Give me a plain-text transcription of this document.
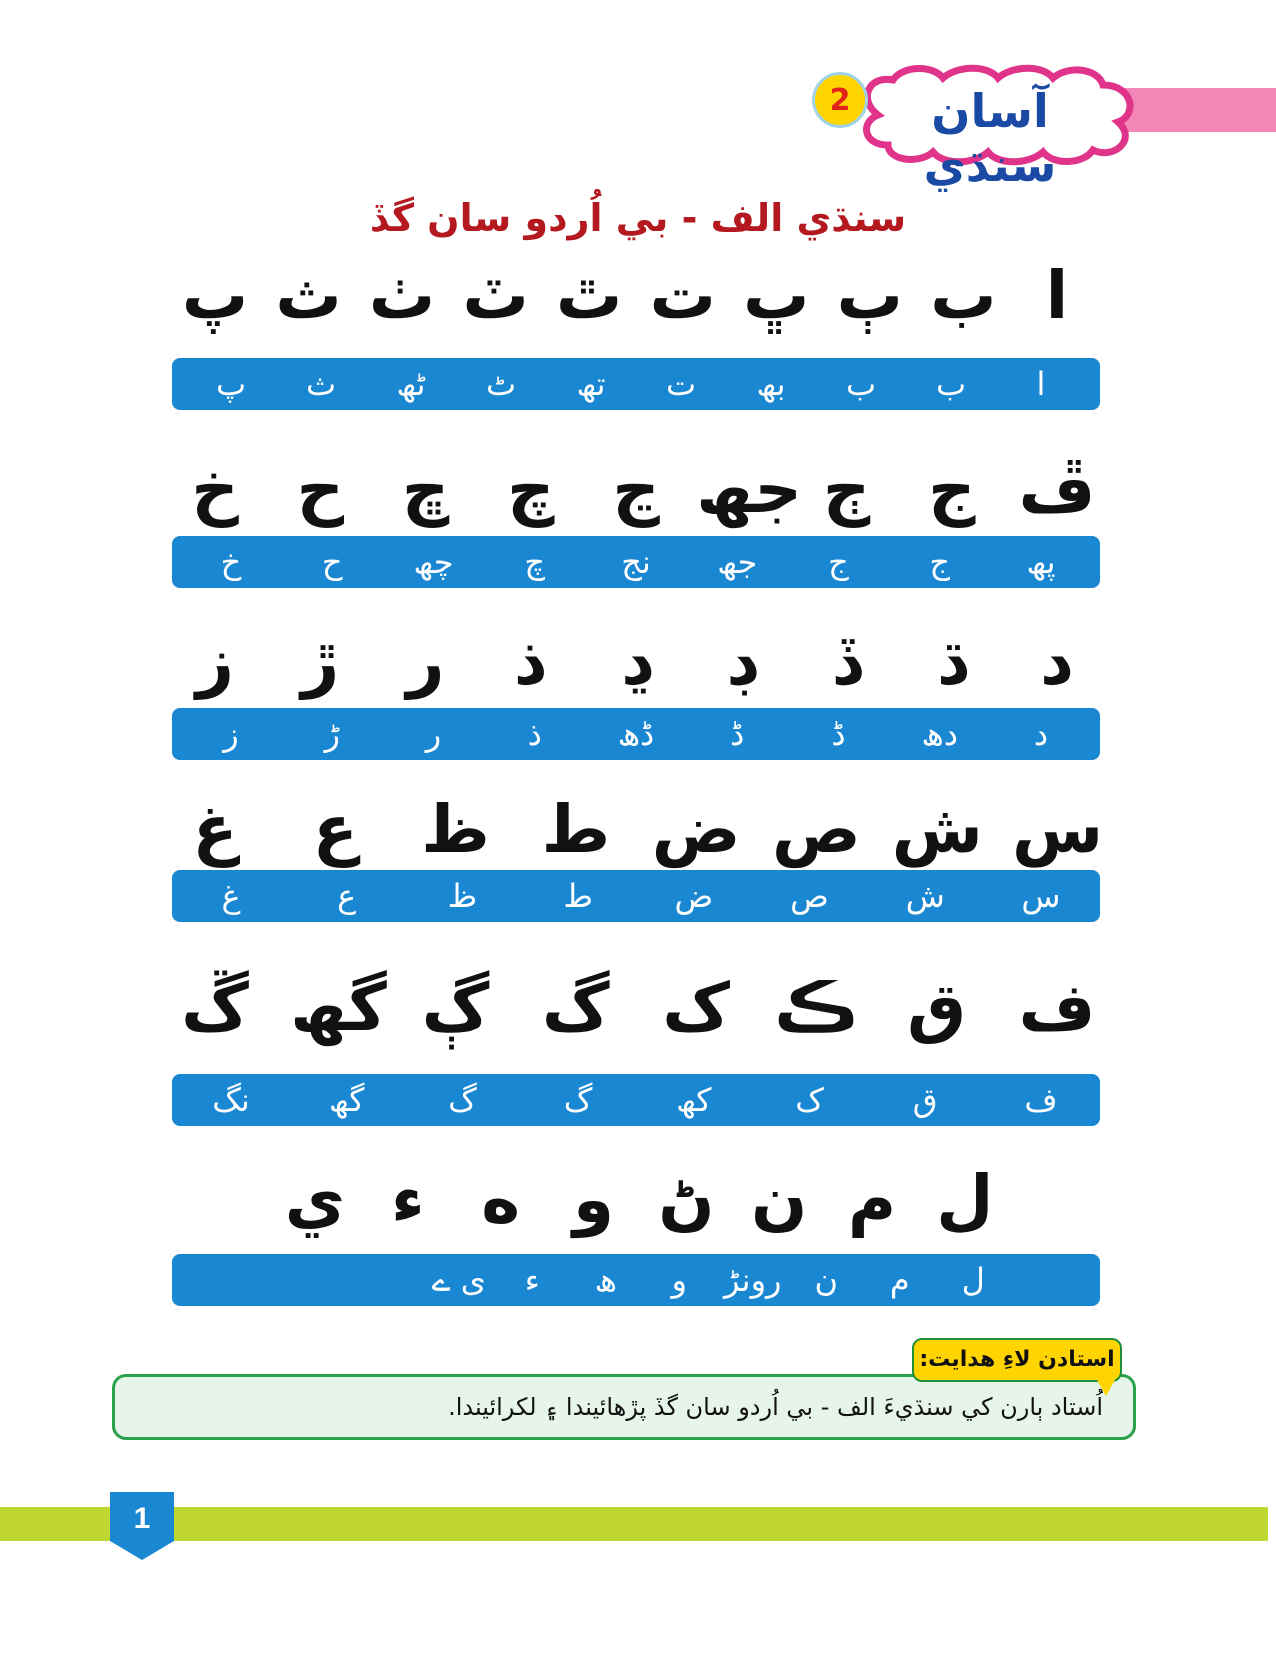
2	آسان سنڌي
سنڌي الف - بي اُردو سان گڏ
ا
ب
ٻ
ڀ
ت
ٿ
ٽ
ٺ
ث
پ
ا
ب
ب
بھ
ت
تھ
ٹ
ٹھ
ث
پ
ڦ
ج
ڄ
جھ
ڃ
چ
ڇ
ح
خ
پھ
ج
ج
جھ
نج
چ
چھ
ح
خ
د
ڌ
ڏ
ڊ
ڍ
ذ
ر
ڙ
ز
د
دھ
ڈ
ڈ
ڈھ
ذ
ر
ڑ
ز
س
ش
ص
ض
ط
ظ
ع
غ
س
ش
ص
ض
ط
ظ
ع
غ
ف
ق
ڪ
ک
گ
ڳ
گھ
ڱ
ف
ق
ک
کھ
گ
گ
گھ
نگ
ل
م
ن
ڻ
و
ه
ء
ي
ل
م
ن
رونڑ
و
ھ
ء
ی ے
اُستاد ٻارن کي سنڌيءَ الف - بي اُردو سان گڏ پڙهائيندا ۽ لکرائيندا.
استادن لاءِ هدايت:
1
